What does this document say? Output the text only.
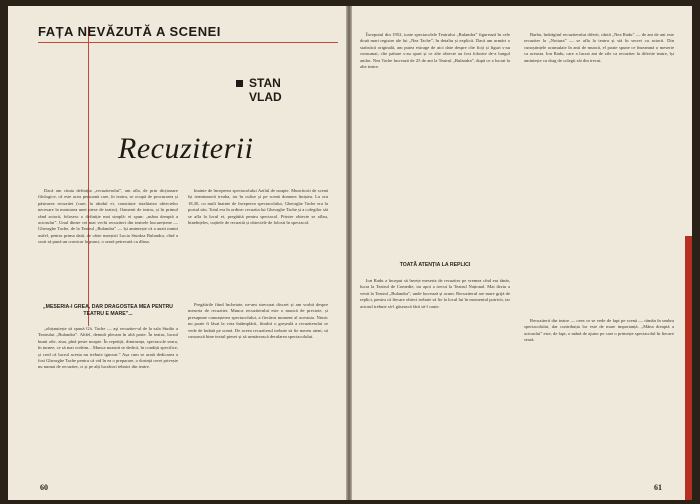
FAȚA NEVĂZUTĂ A SCENEI
STAN
VLAD
Recuziterii

Dacă am cituta definiția „recuziterului”, am afla, de prin dicționare filologice, că este acea persoană care, în teatru, se ocupă de procurarea și păstrarea recuzitei (care, la rândul ei, constituie totalitatea obiectelor necesare la montarea unei piese de teatru). Oamenii de teatru, și în primul rând actorii, folosesc o definiție mai simplă: ei spun: „mâna dreaptă a actorului”. Unul dintre cei mai vechi recuziteri din teatrele bucureștene — Gheorghe Tache, de la Teatrul „Bulandra” — își amintește că a auzit numit astfel, pentru prima dată, de către maeștrii Lucia Sturdza Bulandra, cînd a sosit să pună un cronicar la punct, o seară petrecută cu dînsa.

„MESERIA-I GREA, DAR DRAGOSTEA MEA PENTRU TEATRU E MARE”...

„obișnuiește să spună Gh. Tache — aşi recuziter-ul de la sala Studio a Teatrului „Bulandra”. Altfel, demult plecam în altă parte. În teatru, lucrul bunii zile, ziua, pînă peste noapte. În repetiții, dimineața, spectacole seara, în turnee, ce să mai vorbim... Munca noastră se dedică, în condiții specifice, și cred că lucrul acesta nu trebuie ignorat.” Așa cum se arată dedicarea a fost Gheorghe Tache pentru că vid în ea o preparare, o dorință cerei privește nu numai de recuziter, ci și pe alți lucrători tehnici din teatre.

înainte de începerea spectacolului Azilul de noapte. Muncitorii de scenă își terminaseră treaba, iar în culise și pe scenă domnea liniștea. La ora 18,30, cu mult înainte de începerea spectacolului, Gheorghe Tache era la postul său. Totul era în ordine: recuzita lui Gheorghe Tache și a colegilor săi se afla la locul ei, pregătită pentru spectacol. Printre obiecte se aflau, bineînțeles, cuțitele de recuzită și obiectele de folosit în spectacol.

Pregătirile fiind încheiate, ne-am strecurat discret și am vorbit despre meseria de recuziter. Munca recuziterului este o muncă de precizie, și presupune cunoașterea spectacolului, a fiecărui moment al acestuia. Nimic nu poate fi lăsat la voia întâmplării, fiindcă o greșeală a recuziterului se vede de îndată pe scenă. De aceea recuziterul trebuie să fie mereu atent, să cunoască bine textul piesei și să urmărească derularea spectacolului.

60

Începutul din 1952, toate spectacolele Teatrului „Bulandra” figurează în cele două mari registre ale lui „Nea Tache”, în detaliu și explicit. Dacă am urmări o statistică originală, am putea extrage de aici date despre cîte ficți și figuri s-au consumat, cîte pahare s-au spart și ce alte obiecte au fost folosite de-a lungul anilor. Nea Tache lucrează de 25 de ani la Teatrul „Bulandra”, după ce a lucrat la alte teatre.

TOATĂ ATENȚIA LA REPLICI

Ion Radu a început să învețe meseria de recuziter pe vremea cînd era tânăr, lucra la Teatrul de Comedie, iar apoi a trecut la Teatrul Național. Mai tîrziu a venit la Teatrul „Bulandra”, unde lucrează și acum. Recuziterul are mare grijă de replici, pentru că fiecare obiect trebuie să fie la locul lui în momentul potrivit, iar actorul trebuie să-l găsească fără să-l caute.

Barbu, îndrăgitul recuziterului diferit, cântă „Nea Radu” — de ani de ani este recuziter la „Nottara” — se afla la teatru și stă în secret cu actorii. Din cunoștințele acumulate în anii de muncă, el poate spune ce înseamnă o meserie ca aceasta. Ion Radu, care a lucrat ani de zile ca recuziter la diferite teatre, își amintește cu drag de colegii săi din trecut.

Recuziterii din teatre — ceea ce se vede de fapt pe scenă — rămân în umbra spectacolului, dar contribuția lor este de mare importanță. „Mâna dreaptă a actorului” este, de fapt, o mână de ajutor pe care o primește spectacolul în fiecare seară.

61
